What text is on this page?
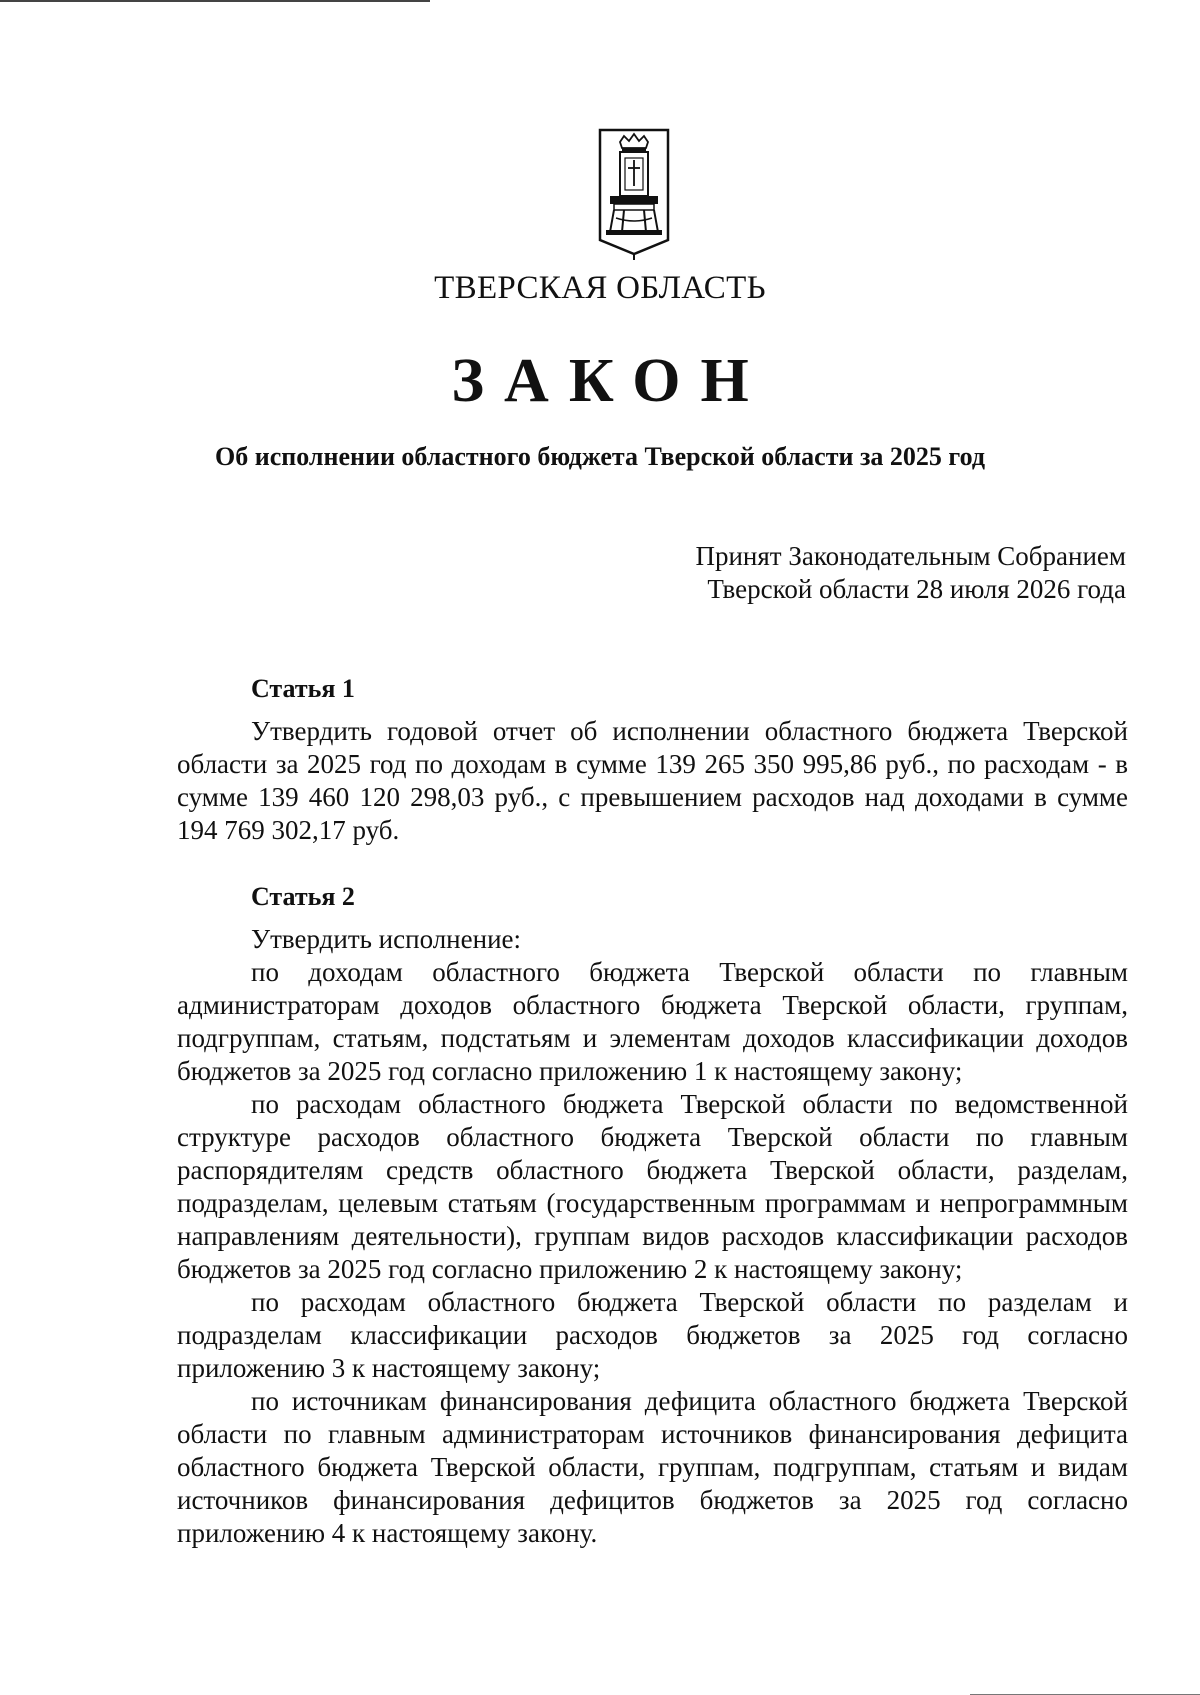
ТВЕРСКАЯ ОБЛАСТЬ
ЗАКОН
Об исполнении областного бюджета Тверской области за 2025 год
Принят Законодательным Собранием
Тверской области 28 июля 2026 года
Статья 1

Утвердить годовой отчет об исполнении областного бюджета Тверской области за 2025 год по доходам в сумме 139 265 350 995,86 руб., по расходам - в сумме 139 460 120 298,03 руб., с превышением расходов над доходами в сумме 194 769 302,17 руб.

Статья 2

Утвердить исполнение:

по доходам областного бюджета Тверской области по главным администраторам доходов областного бюджета Тверской области, группам, подгруппам, статьям, подстатьям и элементам доходов классификации доходов бюджетов за 2025 год согласно приложению 1 к настоящему закону;

по расходам областного бюджета Тверской области по ведомственной структуре расходов областного бюджета Тверской области по главным распорядителям средств областного бюджета Тверской области, разделам, подразделам, целевым статьям (государственным программам и непрограммным направлениям деятельности), группам видов расходов классификации расходов бюджетов за 2025 год согласно приложению 2 к настоящему закону;

по расходам областного бюджета Тверской области по разделам и подразделам классификации расходов бюджетов за 2025 год согласно приложению 3 к настоящему закону;

по источникам финансирования дефицита областного бюджета Тверской области по главным администраторам источников финансирования дефицита областного бюджета Тверской области, группам, подгруппам, статьям и видам источников финансирования дефицитов бюджетов за 2025 год согласно приложению 4 к настоящему закону.
